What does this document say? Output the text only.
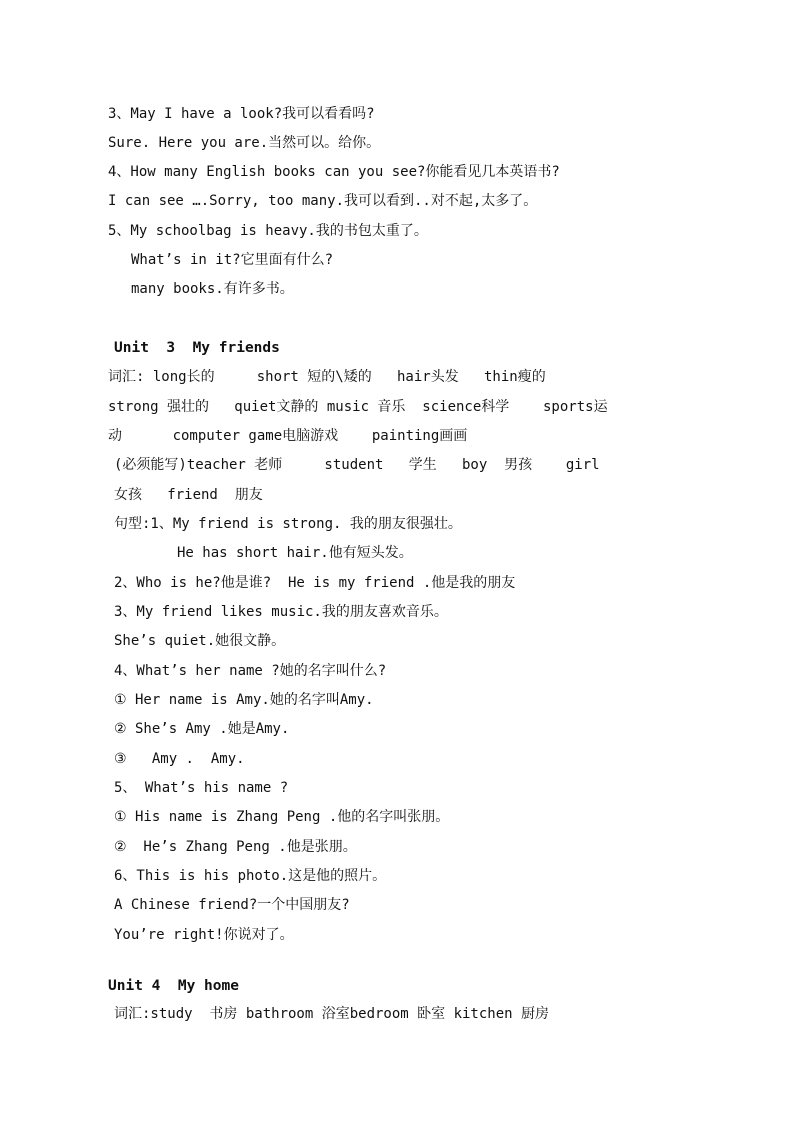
3、May I have a look?我可以看看吗?
Sure. Here you are.当然可以。给你。
4、How many English books can you see?你能看见几本英语书?
I can see ….Sorry, too many.我可以看到..对不起,太多了。
5、My schoolbag is heavy.我的书包太重了。
What’s in it?它里面有什么?
many books.有许多书。
Unit  3  My friends
词汇: long长的     short 短的\矮的   hair头发   thin瘦的
strong 强壮的   quiet文静的 music 音乐  science科学    sports运
动      computer game电脑游戏    painting画画
(必须能写)teacher 老师     student   学生   boy  男孩    girl
女孩   friend  朋友
句型:1、My friend is strong. 我的朋友很强壮。
He has short hair.他有短头发。
2、Who is he?他是谁?  He is my friend .他是我的朋友
3、My friend likes music.我的朋友喜欢音乐。
She’s quiet.她很文静。
4、What’s her name ?她的名字叫什么?
① Her name is Amy.她的名字叫Amy.
② She’s Amy .她是Amy.
③   Amy .  Amy.
5、 What’s his name ?
① His name is Zhang Peng .他的名字叫张朋。
②  He’s Zhang Peng .他是张朋。
6、This is his photo.这是他的照片。
A Chinese friend?一个中国朋友?
You’re right!你说对了。
Unit 4  My home
词汇:study  书房 bathroom 浴室bedroom 卧室 kitchen 厨房
